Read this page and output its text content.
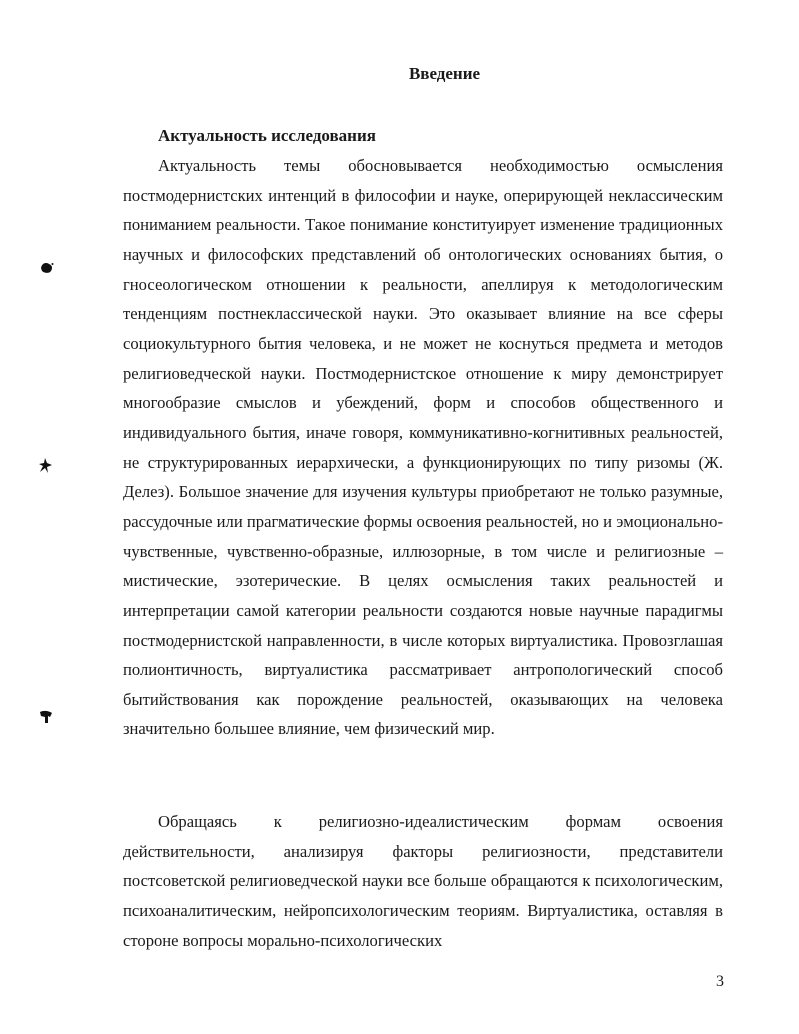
Введение
Актуальность исследования

Актуальность темы обосновывается необходимостью осмысления постмодернистских интенций в философии и науке, оперирующей неклассическим пониманием реальности. Такое понимание конституирует изменение традиционных научных и философских представлений об онтологических основаниях бытия, о гносеологическом отношении к реальности, апеллируя к методологическим тенденциям постнеклассической науки. Это оказывает влияние на все сферы социокультурного бытия человека, и не может не коснуться предмета и методов религиоведческой науки. Постмодернистское отношение к миру демонстрирует многообразие смыслов и убеждений, форм и способов общественного и индивидуального бытия, иначе говоря, коммуникативно-когнитивных реальностей, не структурированных иерархически, а функционирующих по типу ризомы (Ж. Делез). Большое значение для изучения культуры приобретают не только разумные, рассудочные или прагматические формы освоения реальностей, но и эмоционально-чувственные, чувственно-образные, иллюзорные, в том числе и религиозные – мистические, эзотерические. В целях осмысления таких реальностей и интерпретации самой категории реальности создаются новые научные парадигмы постмодернистской направленности, в числе которых виртуалистика. Провозглашая полионтичность, виртуалистика рассматривает антропологический способ бытийствования как порождение реальностей, оказывающих на человека значительно большее влияние, чем физический мир.

Обращаясь к религиозно-идеалистическим формам освоения действительности, анализируя факторы религиозности, представители постсоветской религиоведческой науки все больше обращаются к психологическим, психоаналитическим, нейропсихологическим теориям. Виртуалистика, оставляя в стороне вопросы морально-психологических

3
